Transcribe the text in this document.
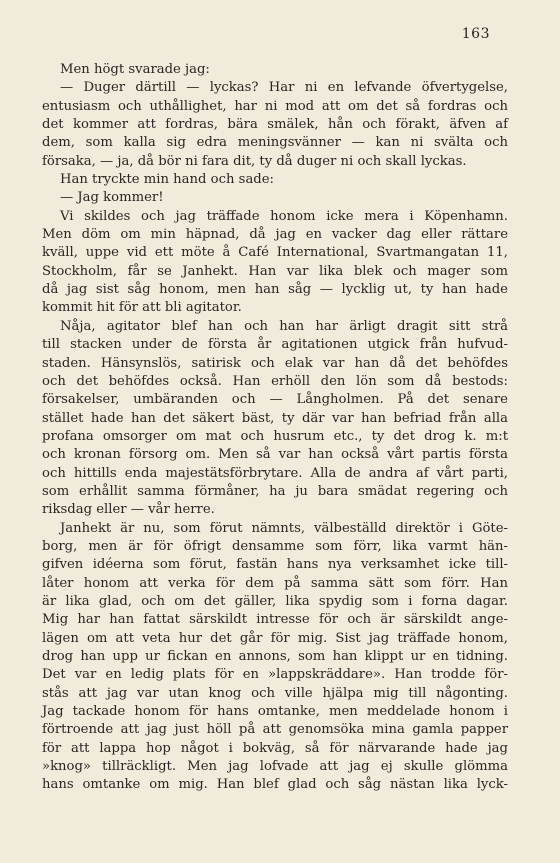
163
Men högt svarade jag:
— Duger därtill — lyckas? Har ni en lefvande öfvertygelse,
entusiasm och uthållighet, har ni mod att om det så fordras och
det kommer att fordras, bära smälek, hån och förakt, äfven af
dem, som kalla sig edra meningsvänner — kan ni svälta och
försaka, — ja, då bör ni fara dit, ty då duger ni och skall lyckas.
Han tryckte min hand och sade:
— Jag kommer!
Vi skildes och jag träffade honom icke mera i Köpenhamn.
Men döm om min häpnad, då jag en vacker dag eller rättare
kväll, uppe vid ett möte å Café International, Svartmangatan 11,
Stockholm, får se Janhekt. Han var lika blek och mager som
då jag sist såg honom, men han såg — lycklig ut, ty han hade
kommit hit för att bli agitator.
Nåja, agitator blef han och han har ärligt dragit sitt strå
till stacken under de första år agitationen utgick från hufvud-
staden. Hänsynslös, satirisk och elak var han då det behöfdes
och det behöfdes också. Han erhöll den lön som då bestods:
försakelser, umbäranden och — Långholmen. På det senare
stället hade han det säkert bäst, ty där var han befriad från alla
profana omsorger om mat och husrum etc., ty det drog k. m:t
och kronan försorg om. Men så var han också vårt partis första
och hittills enda majestätsförbrytare. Alla de andra af vårt parti,
som erhållit samma förmåner, ha ju bara smädat regering och
riksdag eller — vår herre.
Janhekt är nu, som förut nämnts, välbeställd direktör i Göte-
borg, men är för öfrigt densamme som förr, lika varmt hän-
gifven idéerna som förut, fastän hans nya verksamhet icke till-
låter honom att verka för dem på samma sätt som förr. Han
är lika glad, och om det gäller, lika spydig som i forna dagar.
Mig har han fattat särskildt intresse för och är särskildt ange-
lägen om att veta hur det går för mig. Sist jag träffade honom,
drog han upp ur fickan en annons, som han klippt ur en tidning.
Det var en ledig plats för en »lappskräddare». Han trodde för-
stås att jag var utan knog och ville hjälpa mig till någonting.
Jag tackade honom för hans omtanke, men meddelade honom i
förtroende att jag just höll på att genomsöka mina gamla papper
för att lappa hop något i bokväg, så för närvarande hade jag
»knog» tillräckligt. Men jag lofvade att jag ej skulle glömma
hans omtanke om mig. Han blef glad och såg nästan lika lyck-
